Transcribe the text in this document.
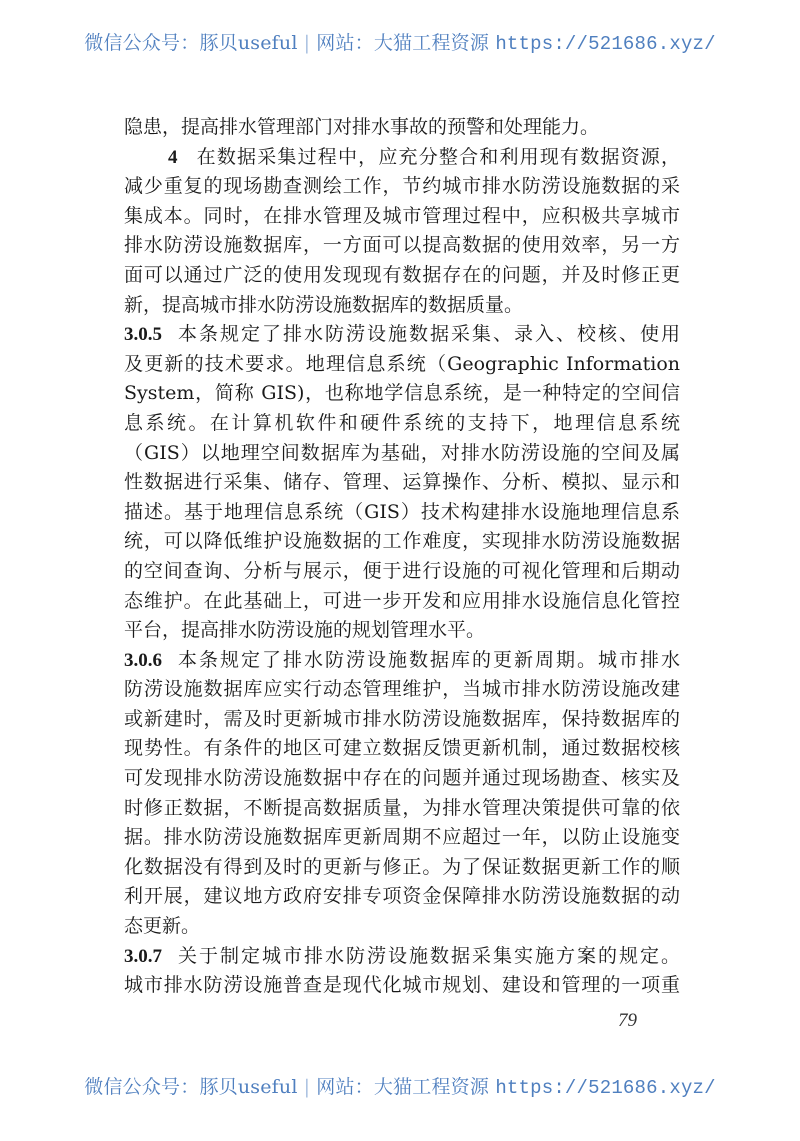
微信公众号：豚贝useful | 网站：大猫工程资源 https://521686.xyz/
隐患，提高排水管理部门对排水事故的预警和处理能力。
4 在数据采集过程中，应充分整合和利用现有数据资源，
减少重复的现场勘查测绘工作，节约城市排水防涝设施数据的采
集成本。同时，在排水管理及城市管理过程中，应积极共享城市
排水防涝设施数据库，一方面可以提高数据的使用效率，另一方
面可以通过广泛的使用发现现有数据存在的问题，并及时修正更
新，提高城市排水防涝设施数据库的数据质量。
3.0.5 本条规定了排水防涝设施数据采集、录入、校核、使用
及更新的技术要求。地理信息系统（Geographic Information
System，简称 GIS)，也称地学信息系统，是一种特定的空间信
息系统。在计算机软件和硬件系统的支持下，地理信息系统
（GIS）以地理空间数据库为基础，对排水防涝设施的空间及属
性数据进行采集、储存、管理、运算操作、分析、模拟、显示和
描述。基于地理信息系统（GIS）技术构建排水设施地理信息系
统，可以降低维护设施数据的工作难度，实现排水防涝设施数据
的空间查询、分析与展示，便于进行设施的可视化管理和后期动
态维护。在此基础上，可进一步开发和应用排水设施信息化管控
平台，提高排水防涝设施的规划管理水平。
3.0.6 本条规定了排水防涝设施数据库的更新周期。城市排水
防涝设施数据库应实行动态管理维护，当城市排水防涝设施改建
或新建时，需及时更新城市排水防涝设施数据库，保持数据库的
现势性。有条件的地区可建立数据反馈更新机制，通过数据校核
可发现排水防涝设施数据中存在的问题并通过现场勘查、核实及
时修正数据，不断提高数据质量，为排水管理决策提供可靠的依
据。排水防涝设施数据库更新周期不应超过一年，以防止设施变
化数据没有得到及时的更新与修正。为了保证数据更新工作的顺
利开展，建议地方政府安排专项资金保障排水防涝设施数据的动
态更新。
3.0.7 关于制定城市排水防涝设施数据采集实施方案的规定。
城市排水防涝设施普查是现代化城市规划、建设和管理的一项重
79
微信公众号：豚贝useful | 网站：大猫工程资源 https://521686.xyz/
